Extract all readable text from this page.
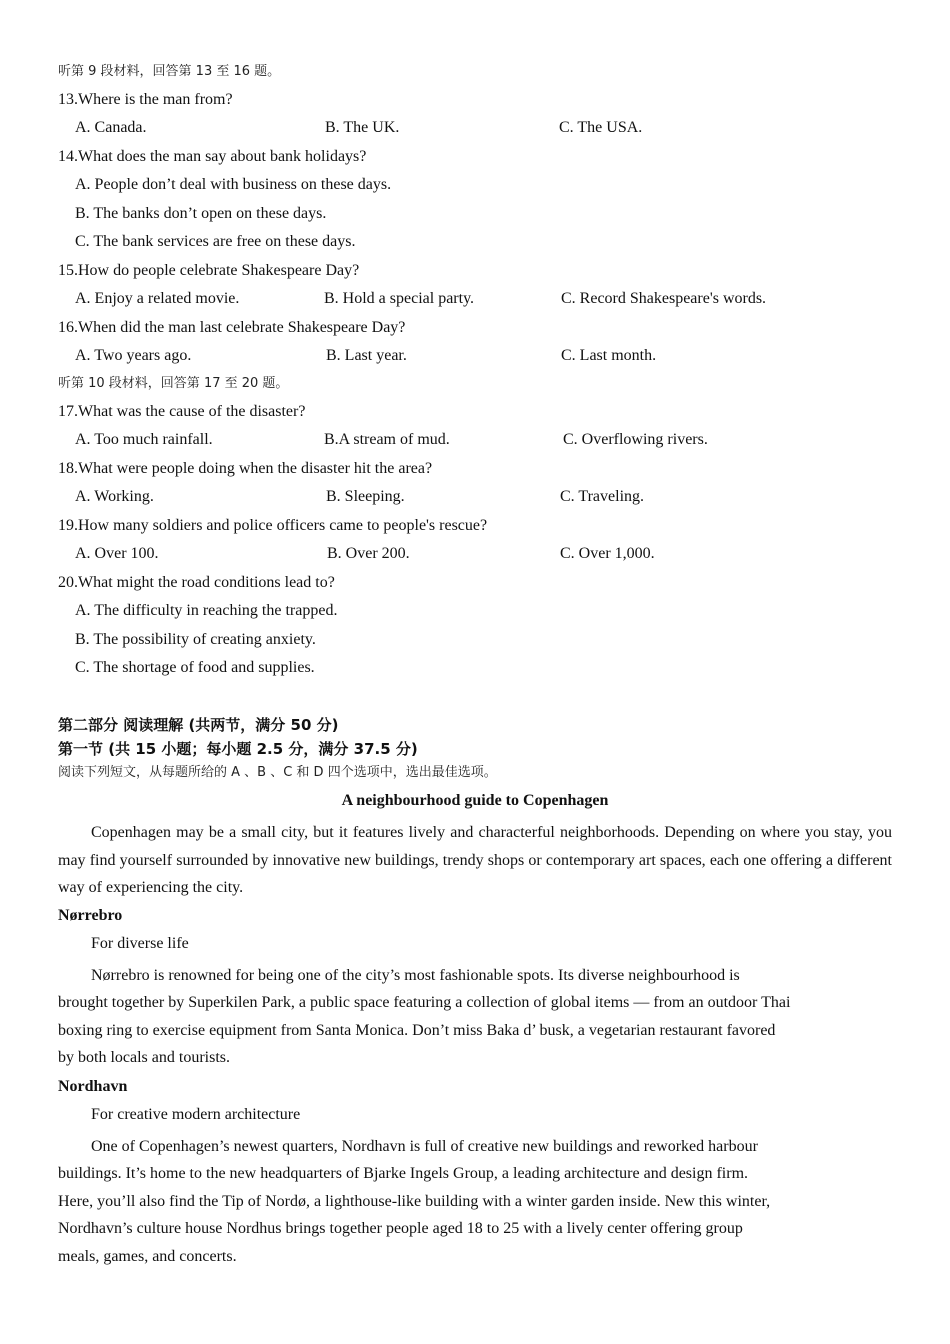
听第 9 段材料，回答第 13 至 16 题。
13.Where is the man from?
A. Canada.	B. The UK.	C. The USA.
14.What does the man say about bank holidays?
A. People don’t deal with business on these days.
B. The banks don’t open on these days.
C. The bank services are free on these days.
15.How do people celebrate Shakespeare Day?
A. Enjoy a related movie.	B. Hold a special party.	C. Record Shakespeare's words.
16.When did the man last celebrate Shakespeare Day?
A. Two years ago.	B. Last year.	C. Last month.
听第 10 段材料，回答第 17 至 20 题。
17.What was the cause of the disaster?
A. Too much rainfall.	B.A stream of mud.	C. Overflowing rivers.
18.What were people doing when the disaster hit the area?
A. Working.	B. Sleeping.	C. Traveling.
19.How many soldiers and police officers came to people's rescue?
A. Over 100.	B. Over 200.	C. Over 1,000.
20.What might the road conditions lead to?
A. The difficulty in reaching the trapped.
B. The possibility of creating anxiety.
C. The shortage of food and supplies.
第二部分 阅读理解 (共两节，满分 50 分)
第一节 (共 15 小题；每小题 2.5 分，满分 37.5 分)
阅读下列短文，从每题所给的 A 、B 、C 和 D 四个选项中，选出最佳选项。
A neighbourhood guide to Copenhagen
Copenhagen may be a small city, but it features lively and characterful neighborhoods. Depending on where you stay, you may find yourself surrounded by innovative new buildings, trendy shops or contemporary art spaces, each one offering a different way of experiencing the city.
Nørrebro
For diverse life
Nørrebro is renowned for being one of the city’s most fashionable spots. Its diverse neighbourhood is
brought together by Superkilen Park, a public space featuring a collection of global items — from an outdoor Thai
boxing ring to exercise equipment from Santa Monica. Don’t miss Baka d’ busk, a vegetarian restaurant favored
by both locals and tourists.
Nordhavn
For creative modern architecture
One of Copenhagen’s newest quarters, Nordhavn is full of creative new buildings and reworked harbour
buildings. It’s home to the new headquarters of Bjarke Ingels Group, a leading architecture and design firm.
Here, you’ll also find the Tip of Nordø, a lighthouse-like building with a winter garden inside. New this winter,
Nordhavn’s culture house Nordhus brings together people aged 18 to 25 with a lively center offering group
meals, games, and concerts.
